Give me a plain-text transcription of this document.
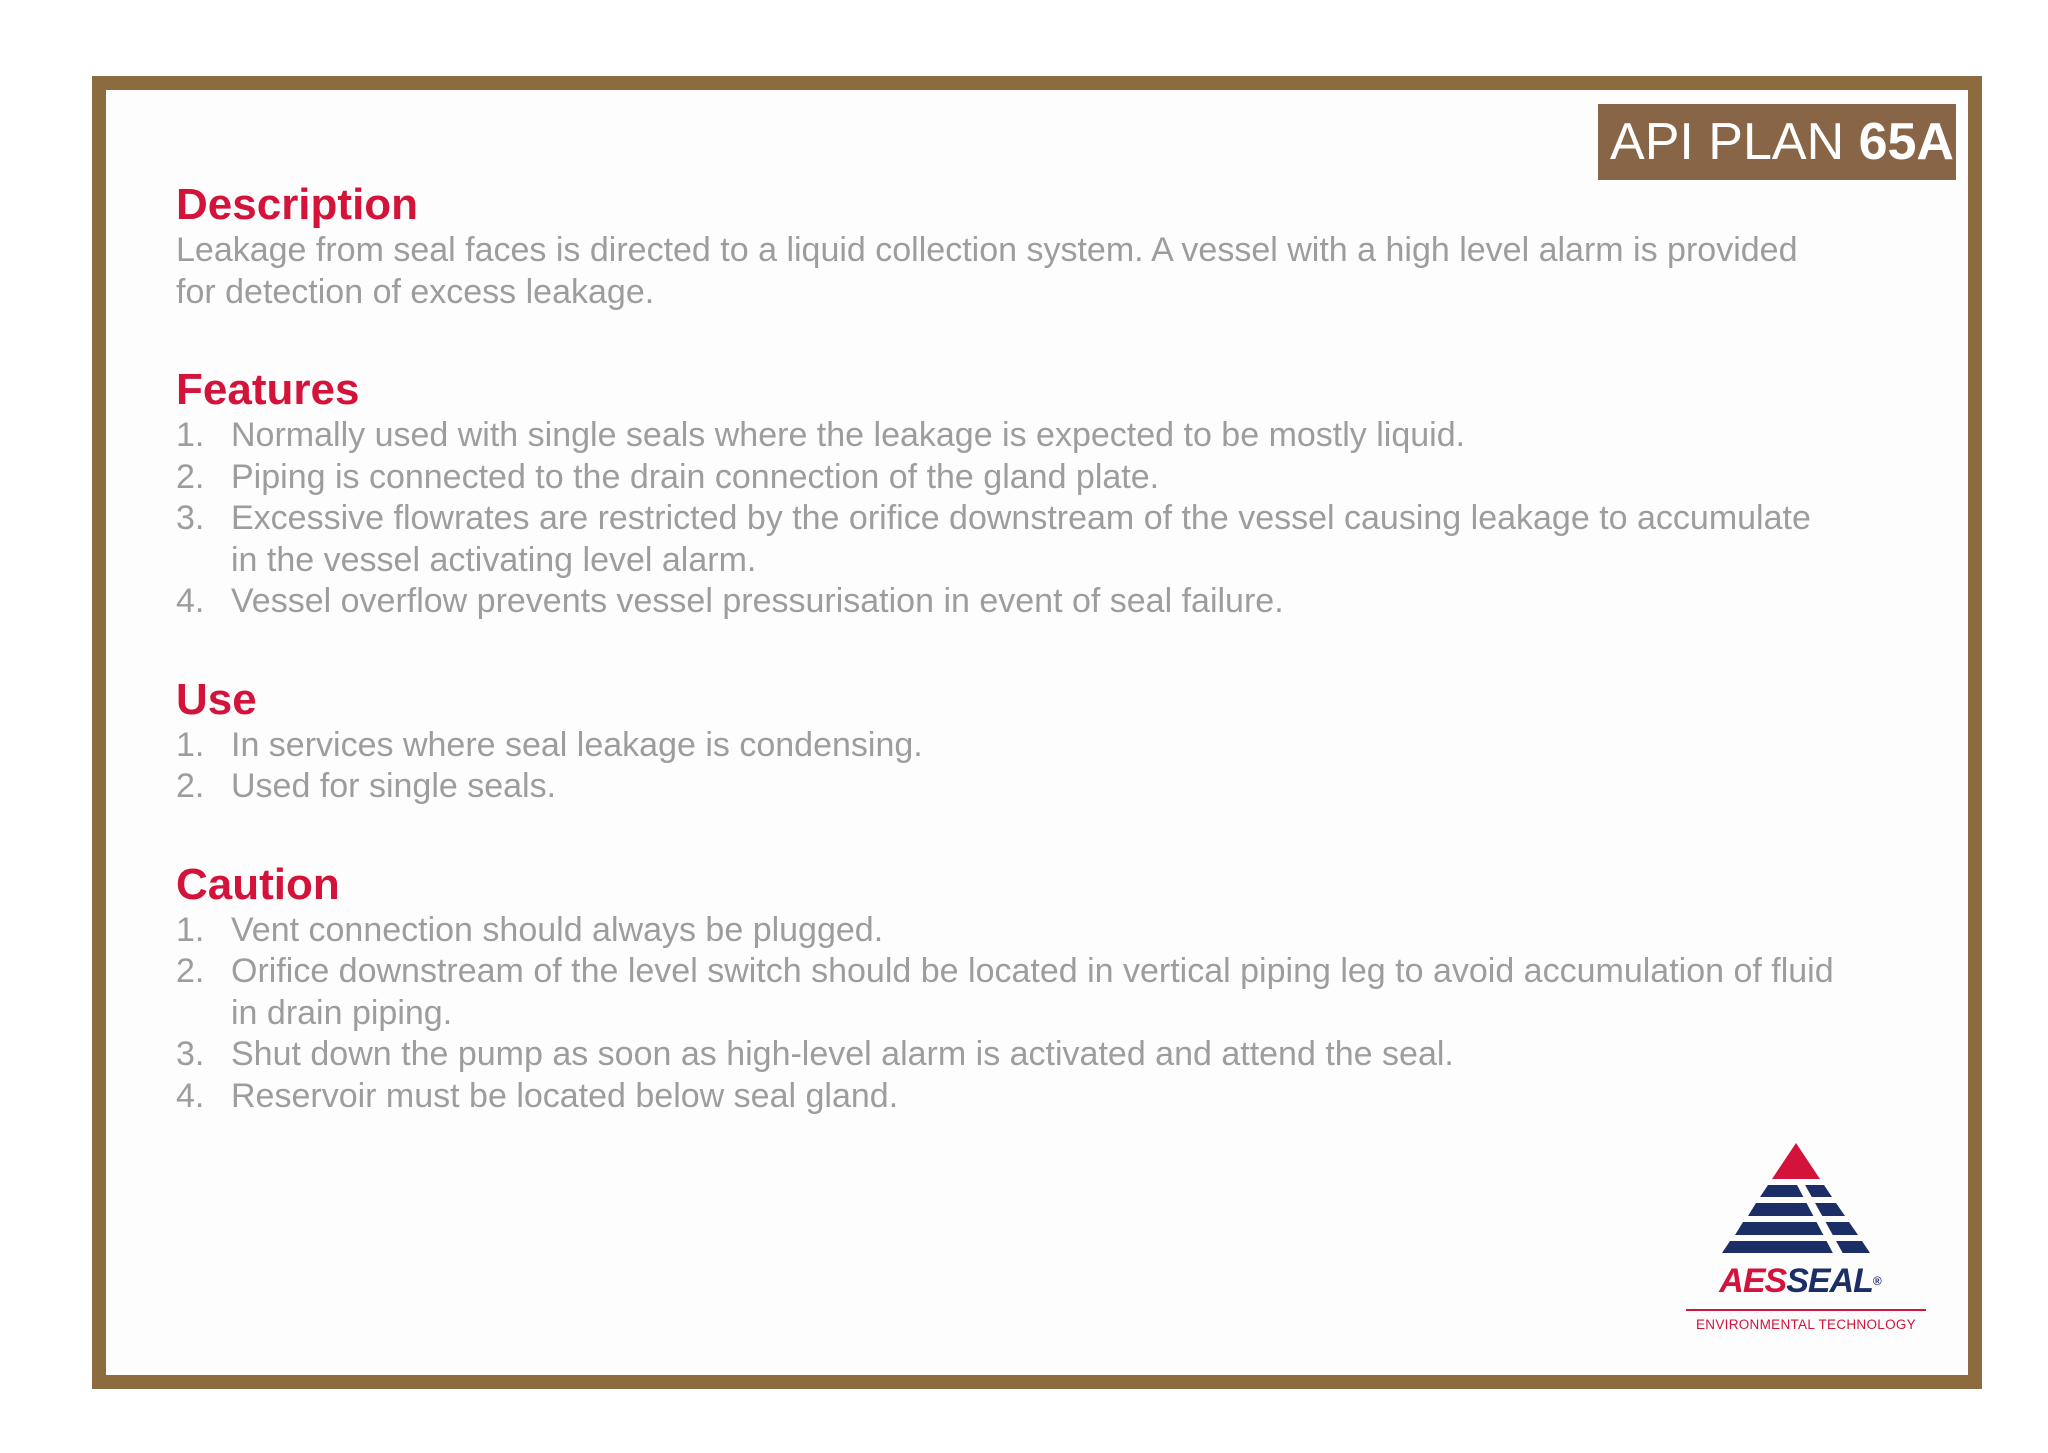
API PLAN 65A
Description

Leakage from seal faces is directed to a liquid collection system. A vessel with a high level alarm is provided for detection of excess leakage.

Features
1. Normally used with single seals where the leakage is expected to be mostly liquid.
2. Piping is connected to the drain connection of the gland plate.
3. Excessive flowrates are restricted by the orifice downstream of the vessel causing leakage to accumulate in the vessel activating level alarm.
4. Vessel overflow prevents vessel pressurisation in event of seal failure.
Use
1. In services where seal leakage is condensing.
2. Used for single seals.
Caution
1. Vent connection should always be plugged.
2. Orifice downstream of the level switch should be located in vertical piping leg to avoid accumulation of fluid in drain piping.
3. Shut down the pump as soon as high-level alarm is activated and attend the seal.
4. Reservoir must be located below seal gland.
AESSEAL®
ENVIRONMENTAL TECHNOLOGY
